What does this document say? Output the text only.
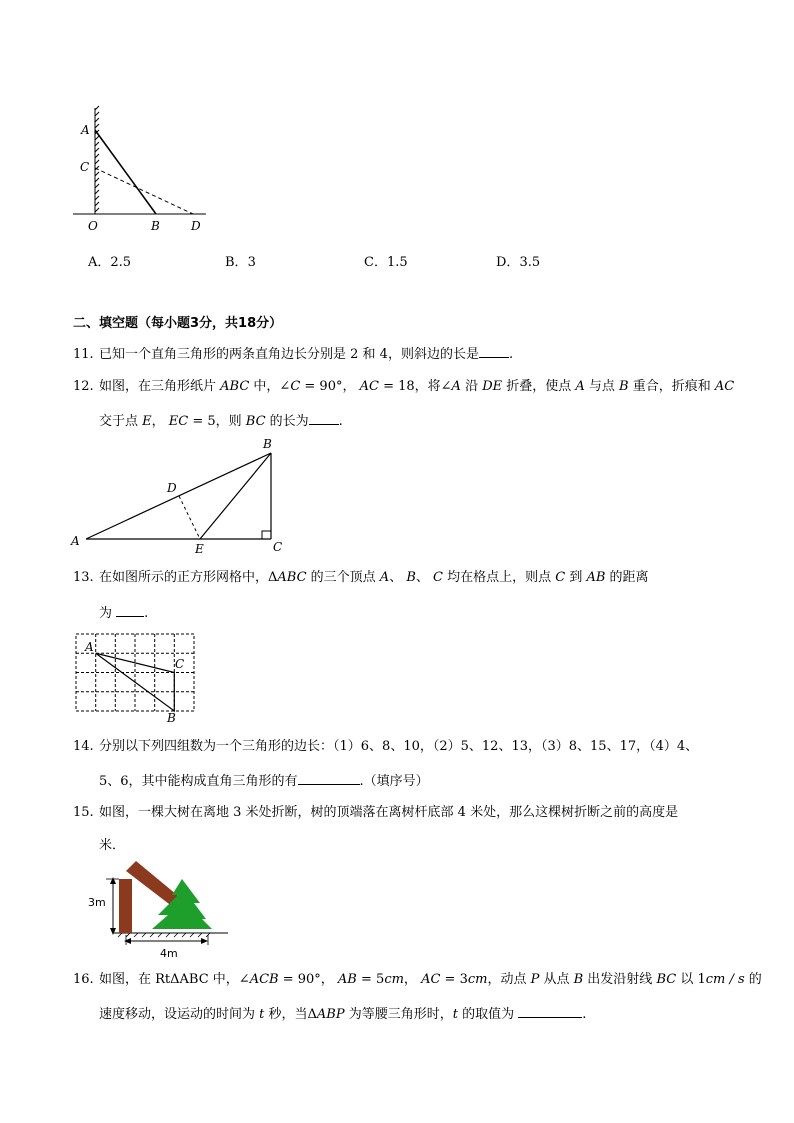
A
C
O	B	D
A．2.5	B．3	C．1.5	D．3.5
二、填空题（每小题3分，共18分）
11. 已知一个直角三角形的两条直角边长分别是 2 和 4，则斜边的长是 .
12. 如图，在三角形纸片 ABC 中，∠C = 90°， AC = 18，将∠A 沿 DE 折叠，使点 A 与点 B 重合，折痕和 AC
交于点 E， EC = 5，则 BC 的长为 .
B
D
A
E	C
13. 在如图所示的正方形网格中，ΔABC 的三个顶点 A、 B、 C 均在格点上，则点 C 到 AB 的距离
为 .
A
C
B
14. 分别以下列四组数为一个三角形的边长：（1）6、8、10，（2）5、12、13，（3）8、15、17，（4）4、
5、6，其中能构成直角三角形的有	.（填序号）
15. 如图，一棵大树在离地 3 米处折断，树的顶端落在离树杆底部 4 米处，那么这棵树折断之前的高度是
米．
3m
4m
16. 如图，在 RtΔABC 中，∠ACB = 90°， AB = 5cm， AC = 3cm，动点 P 从点 B 出发沿射线 BC 以 1cm / s 的
速度移动，设运动的时间为 t 秒，当ΔABP 为等腰三角形时，t 的取值为	.
